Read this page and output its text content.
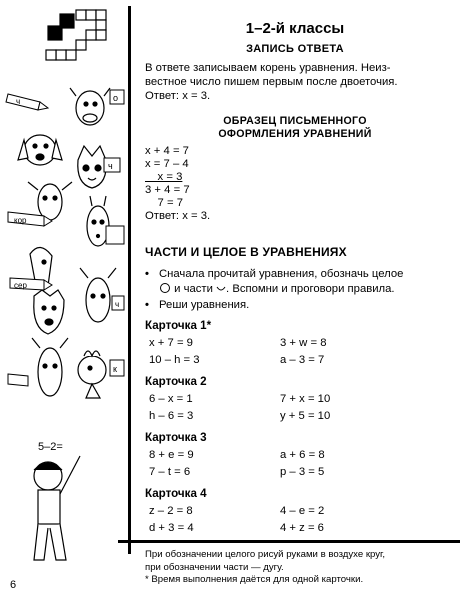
ч	о
ч
кор
сер
ч
к
5–2=
1–2-й классы
ЗАПИСЬ ОТВЕТА

В ответе записываем корень уравнения. Неиз-

вестное число пишем первым после двоеточия.

Ответ: х = 3.

ОБРАЗЕЦ ПИСЬМЕННОГО
ОФОРМЛЕНИЯ УРАВНЕНИЙ
х + 4 = 7
х = 7 – 4
х = 3
3 + 4 = 7
7 = 7
Ответ: х = 3.
ЧАСТИ И ЦЕЛОЕ В УРАВНЕНИЯХ
• Сначала прочитай уравнения, обозначь целое
и части . Вспомни и проговори правила.
• Реши уравнения.
Карточка 1*
х + 7 = 9	3 + w = 8
10 – h = 3	a – 3 = 7
Карточка 2
6 – х = 1	7 + х = 10
h – 6 = 3	у + 5 = 10
Карточка 3
8 + е = 9	a + 6 = 8
7 – t = 6	р – 3 = 5
Карточка 4
z – 2 = 8	4 – е = 2
d + 3 = 4	4 + z = 6
При обозначении целого рисуй руками в воздухе круг,
при обозначении части — дугу.
* Время выполнения даётся для одной карточки.
6
